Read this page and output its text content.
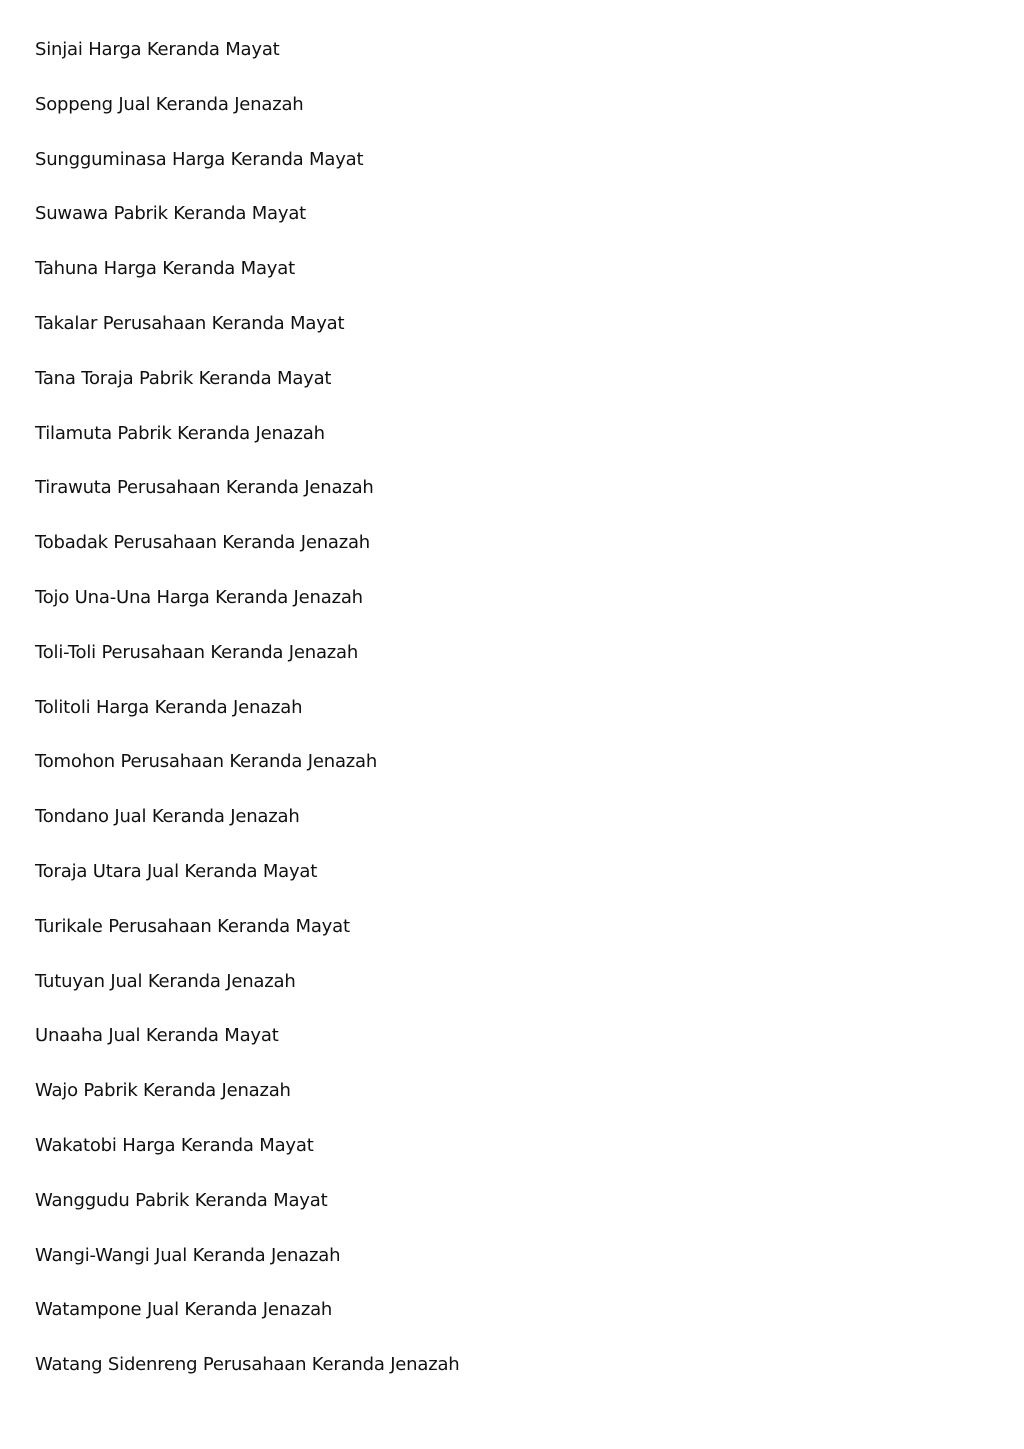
Sinjai Harga Keranda Mayat
Soppeng Jual Keranda Jenazah
Sungguminasa Harga Keranda Mayat
Suwawa Pabrik Keranda Mayat
Tahuna Harga Keranda Mayat
Takalar Perusahaan Keranda Mayat
Tana Toraja Pabrik Keranda Mayat
Tilamuta Pabrik Keranda Jenazah
Tirawuta Perusahaan Keranda Jenazah
Tobadak Perusahaan Keranda Jenazah
Tojo Una-Una Harga Keranda Jenazah
Toli-Toli Perusahaan Keranda Jenazah
Tolitoli Harga Keranda Jenazah
Tomohon Perusahaan Keranda Jenazah
Tondano Jual Keranda Jenazah
Toraja Utara Jual Keranda Mayat
Turikale Perusahaan Keranda Mayat
Tutuyan Jual Keranda Jenazah
Unaaha Jual Keranda Mayat
Wajo Pabrik Keranda Jenazah
Wakatobi Harga Keranda Mayat
Wanggudu Pabrik Keranda Mayat
Wangi-Wangi Jual Keranda Jenazah
Watampone Jual Keranda Jenazah
Watang Sidenreng Perusahaan Keranda Jenazah
